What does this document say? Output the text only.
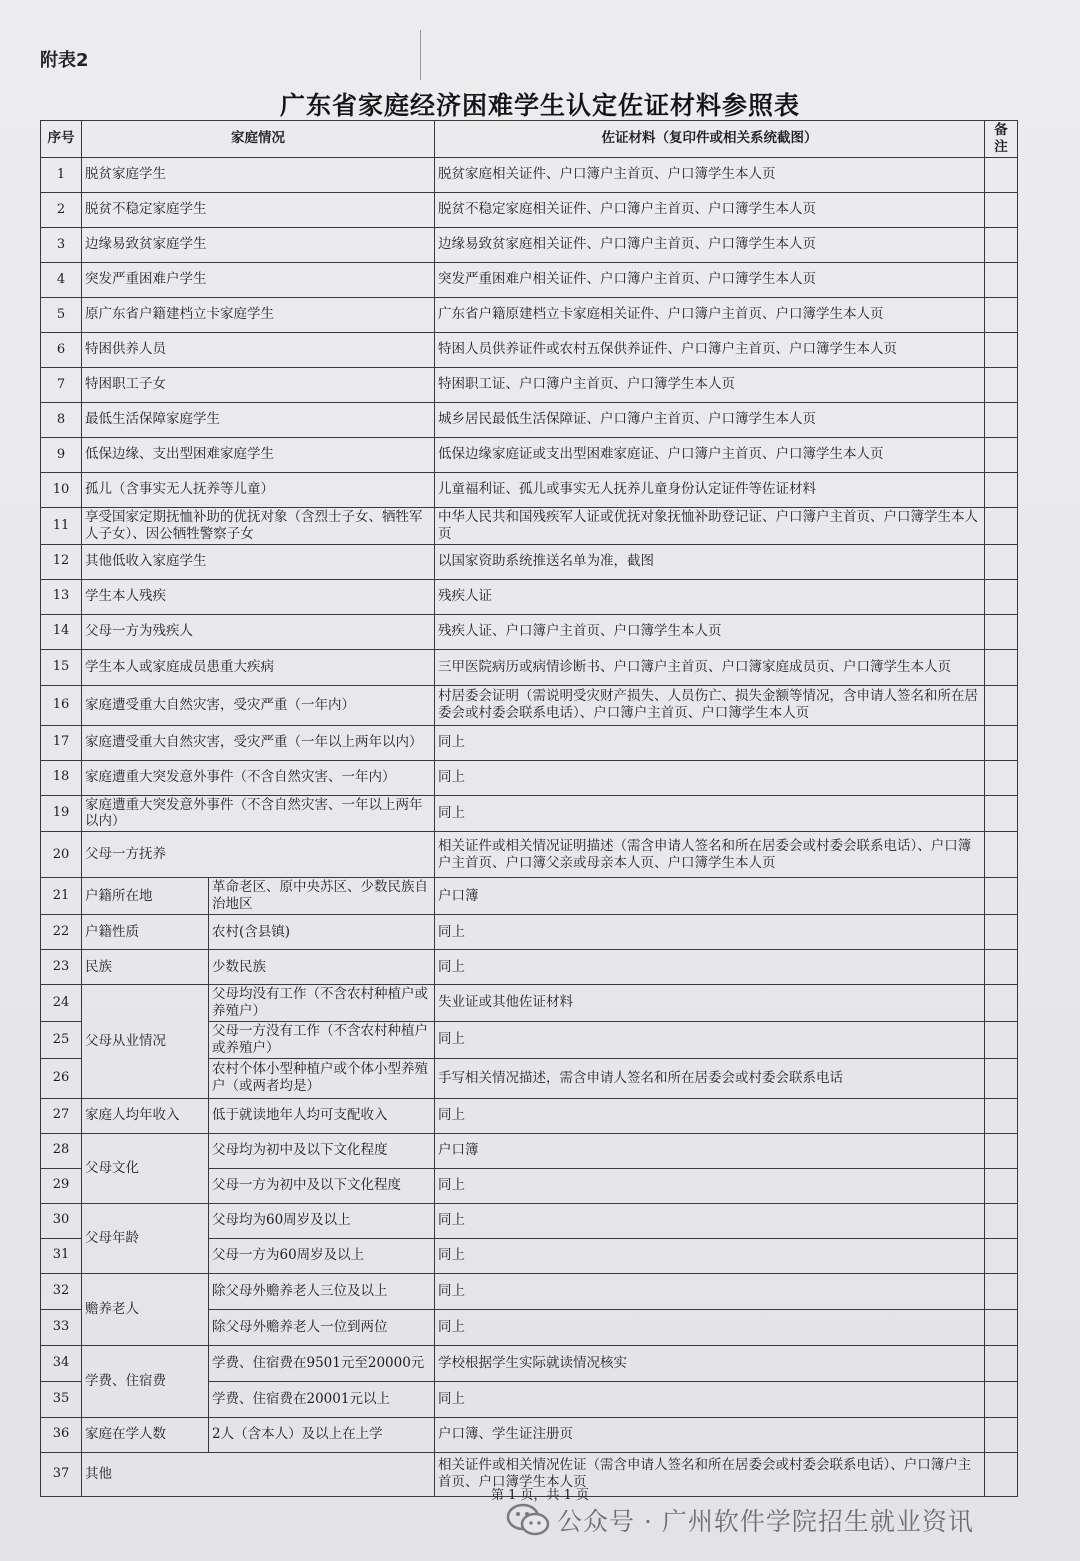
附表2
广东省家庭经济困难学生认定佐证材料参照表
序号	家庭情况		佐证材料（复印件或相关系统截图）	备注
1	脱贫家庭学生		脱贫家庭相关证件、户口簿户主首页、户口簿学生本人页	
2	脱贫不稳定家庭学生		脱贫不稳定家庭相关证件、户口簿户主首页、户口簿学生本人页	
3	边缘易致贫家庭学生		边缘易致贫家庭相关证件、户口簿户主首页、户口簿学生本人页	
4	突发严重困难户学生		突发严重困难户相关证件、户口簿户主首页、户口簿学生本人页	
5	原广东省户籍建档立卡家庭学生		广东省户籍原建档立卡家庭相关证件、户口簿户主首页、户口簿学生本人页	
6	特困供养人员		特困人员供养证件或农村五保供养证件、户口簿户主首页、户口簿学生本人页	
7	特困职工子女		特困职工证、户口簿户主首页、户口簿学生本人页	
8	最低生活保障家庭学生		城乡居民最低生活保障证、户口簿户主首页、户口簿学生本人页	
9	低保边缘、支出型困难家庭学生		低保边缘家庭证或支出型困难家庭证、户口簿户主首页、户口簿学生本人页	
10	孤儿（含事实无人抚养等儿童）		儿童福利证、孤儿或事实无人抚养儿童身份认定证件等佐证材料	
11	享受国家定期抚恤补助的优抚对象（含烈士子女、牺牲军人子女）、因公牺牲警察子女		中华人民共和国残疾军人证或优抚对象抚恤补助登记证、户口簿户主首页、户口簿学生本人页	
12	其他低收入家庭学生		以国家资助系统推送名单为准，截图	
13	学生本人残疾		残疾人证	
14	父母一方为残疾人		残疾人证、户口簿户主首页、户口簿学生本人页	
15	学生本人或家庭成员患重大疾病		三甲医院病历或病情诊断书、户口簿户主首页、户口簿家庭成员页、户口簿学生本人页	
16	家庭遭受重大自然灾害，受灾严重（一年内）		村居委会证明（需说明受灾财产损失、人员伤亡、损失金额等情况，含申请人签名和所在居委会或村委会联系电话）、户口簿户主首页、户口簿学生本人页	
17	家庭遭受重大自然灾害，受灾严重（一年以上两年以内）		同上	
18	家庭遭重大突发意外事件（不含自然灾害、一年内）		同上	
19	家庭遭重大突发意外事件（不含自然灾害、一年以上两年以内）		同上	
20	父母一方抚养		相关证件或相关情况证明描述（需含申请人签名和所在居委会或村委会联系电话）、户口簿户主首页、户口簿父亲或母亲本人页、户口簿学生本人页	
21	户籍所在地	革命老区、原中央苏区、少数民族自治地区	户口簿	
22	户籍性质	农村(含县镇)	同上	
23	民族	少数民族	同上	
24	父母从业情况	父母均没有工作（不含农村种植户或养殖户）	失业证或其他佐证材料	
25		父母一方没有工作（不含农村种植户或养殖户）	同上	
26		农村个体小型种植户或个体小型养殖户（或两者均是）	手写相关情况描述，需含申请人签名和所在居委会或村委会联系电话	
27	家庭人均年收入	低于就读地年人均可支配收入	同上	
28	父母文化	父母均为初中及以下文化程度	户口簿	
29		父母一方为初中及以下文化程度	同上	
30	父母年龄	父母均为60周岁及以上	同上	
31		父母一方为60周岁及以上	同上	
32	赡养老人	除父母外赡养老人三位及以上	同上	
33		除父母外赡养老人一位到两位	同上	
34	学费、住宿费	学费、住宿费在9501元至20000元	学校根据学生实际就读情况核实	
35		学费、住宿费在20001元以上	同上	
36	家庭在学人数	2人（含本人）及以上在上学	户口簿、学生证注册页	
37	其他		相关证件或相关情况佐证（需含申请人签名和所在居委会或村委会联系电话）、户口簿户主首页、户口簿学生本人页	
第 1 页，共 1 页
公众号 · 广州软件学院招生就业资讯
